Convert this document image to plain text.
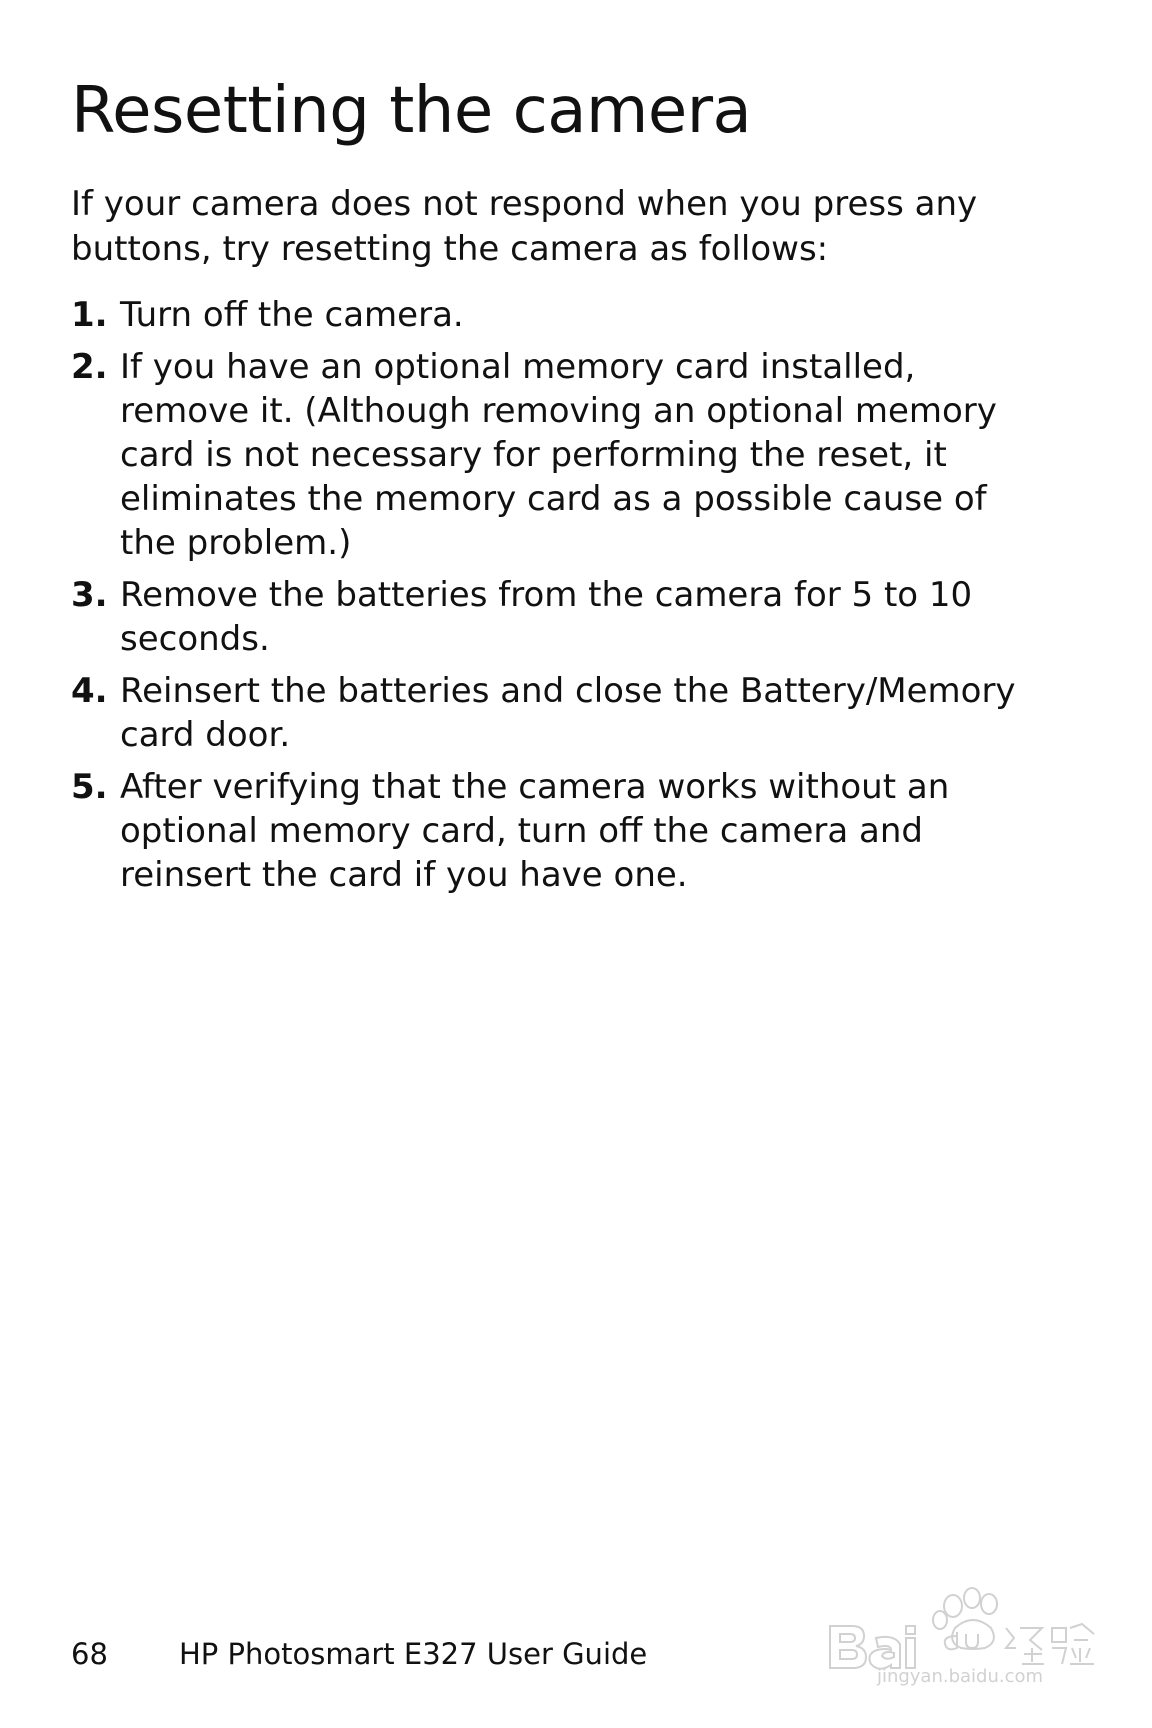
Resetting the camera

If your camera does not respond when you press any buttons, try resetting the camera as follows:

1. Turn off the camera.
2. If you have an optional memory card installed, remove it. (Although removing an optional memory card is not necessary for performing the reset, it eliminates the memory card as a possible cause of the problem.)
3. Remove the batteries from the camera for 5 to 10 seconds.
4. Reinsert the batteries and close the Battery/Memory card door.
5. After verifying that the camera works without an optional memory card, turn off the camera and reinsert the card if you have one.
68 HP Photosmart E327 User Guide
jingyan.baidu.com
